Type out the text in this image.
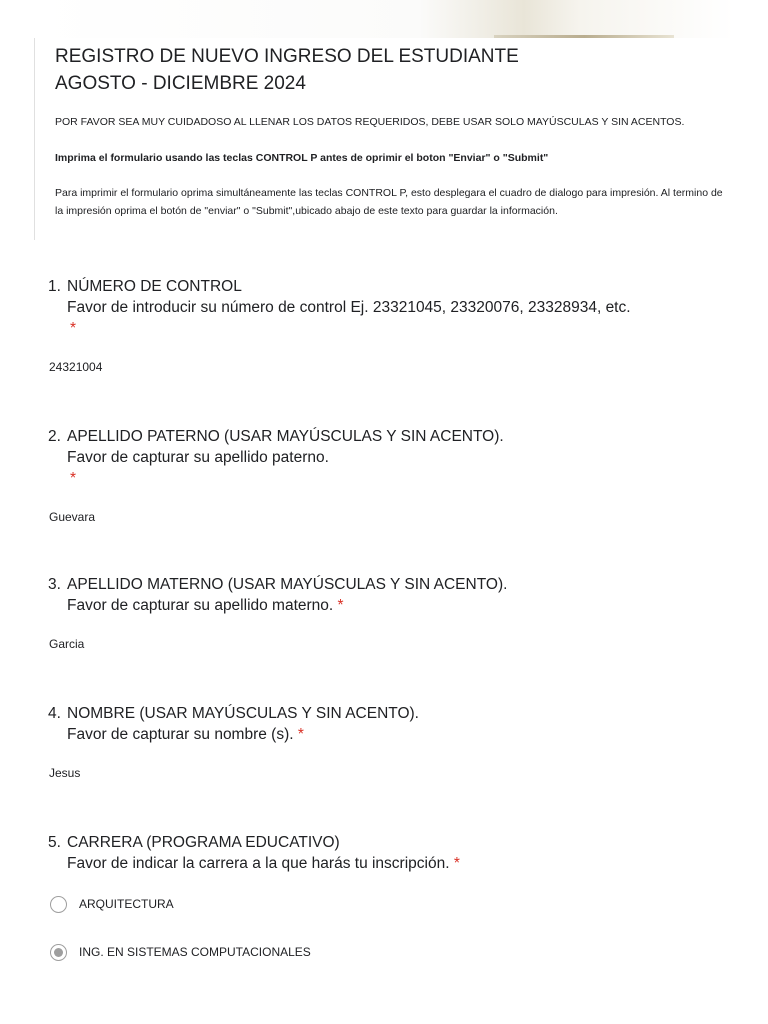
REGISTRO DE NUEVO INGRESO DEL ESTUDIANTE
AGOSTO - DICIEMBRE 2024
POR FAVOR SEA MUY CUIDADOSO AL LLENAR LOS DATOS REQUERIDOS, DEBE USAR SOLO MAYÚSCULAS Y SIN ACENTOS.
Imprima el formulario usando las teclas CONTROL P antes de oprimir el boton "Enviar" o "Submit"
Para imprimir el formulario oprima simultáneamente las teclas CONTROL P, esto desplegara el cuadro de dialogo para impresión. Al termino de la impresión oprima el botón de "enviar" o "Submit",ubicado abajo de este texto para guardar la información.
1. NÚMERO DE CONTROL
Favor de introducir su número de control Ej. 23321045, 23320076, 23328934, etc.
*
24321004
2. APELLIDO PATERNO (USAR MAYÚSCULAS Y SIN ACENTO).
Favor de capturar su apellido paterno.
*
Guevara
3. APELLIDO MATERNO (USAR MAYÚSCULAS Y SIN ACENTO).
Favor de capturar su apellido materno. *
Garcia
4. NOMBRE (USAR MAYÚSCULAS Y SIN ACENTO).
Favor de capturar su nombre (s). *
Jesus
5. CARRERA (PROGRAMA EDUCATIVO)
Favor de indicar la carrera a la que harás tu inscripción. *
ARQUITECTURA
ING. EN SISTEMAS COMPUTACIONALES
